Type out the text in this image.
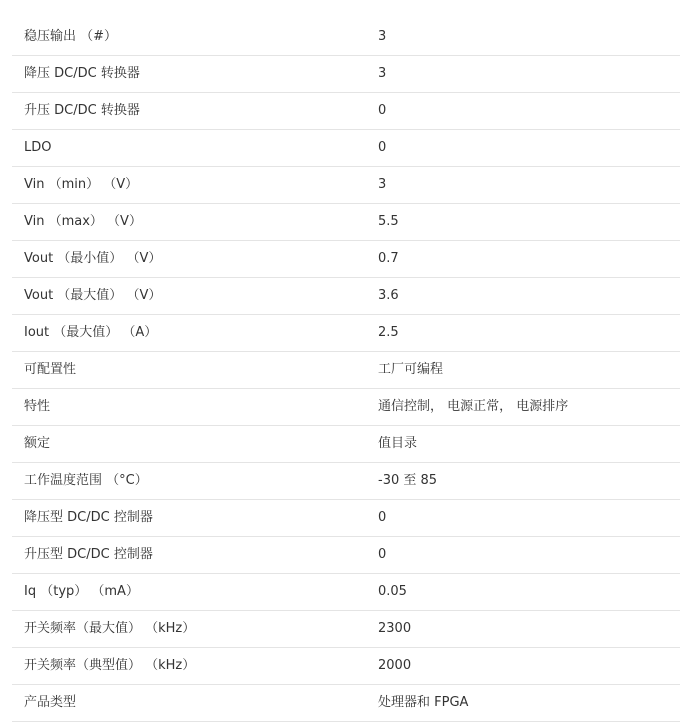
稳压输出 （#）	3
降压 DC/DC 转换器	3
升压 DC/DC 转换器	0
LDO	0
Vin （min） （V）	3
Vin （max） （V）	5.5
Vout （最小值） （V）	0.7
Vout （最大值） （V）	3.6
Iout （最大值） （A）	2.5
可配置性	工厂可编程
特性	通信控制， 电源正常， 电源排序
额定	值目录
工作温度范围 （°C）	-30 至 85
降压型 DC/DC 控制器	0
升压型 DC/DC 控制器	0
Iq （typ） （mA）	0.05
开关频率（最大值） （kHz）	2300
开关频率（典型值） （kHz）	2000
产品类型	处理器和 FPGA
